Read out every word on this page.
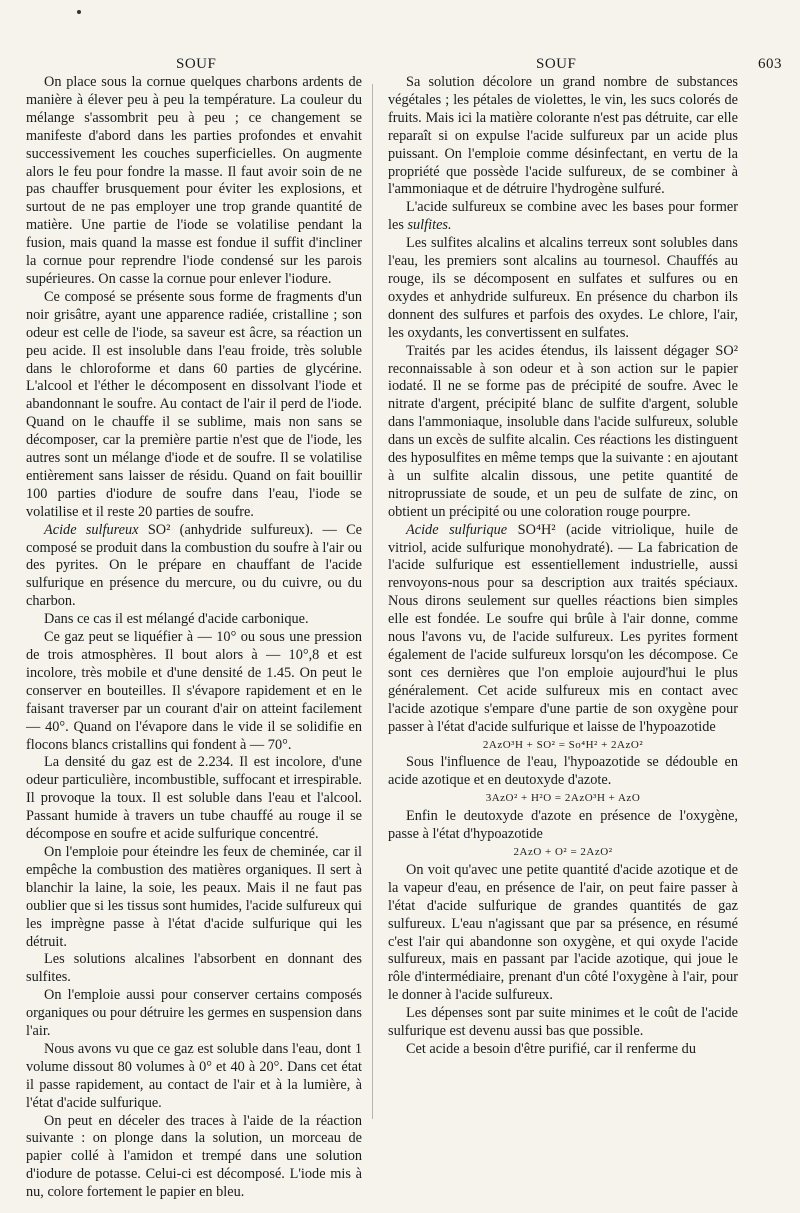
SOUF	SOUF	603

On place sous la cornue quelques charbons ardents de manière à élever peu à peu la température. La couleur du mélange s'assombrit peu à peu ; ce changement se manifeste d'abord dans les parties profondes et envahit successivement les couches superficielles. On augmente alors le feu pour fondre la masse. Il faut avoir soin de ne pas chauffer brusquement pour éviter les explosions, et surtout de ne pas employer une trop grande quantité de matière. Une partie de l'iode se volatilise pendant la fusion, mais quand la masse est fondue il suffit d'incliner la cornue pour reprendre l'iode condensé sur les parois supérieures. On casse la cornue pour enlever l'iodure.

Ce composé se présente sous forme de fragments d'un noir grisâtre, ayant une apparence radiée, cristalline ; son odeur est celle de l'iode, sa saveur est âcre, sa réaction un peu acide. Il est insoluble dans l'eau froide, très soluble dans le chloroforme et dans 60 parties de glycérine. L'alcool et l'éther le décomposent en dissolvant l'iode et abandonnant le soufre. Au contact de l'air il perd de l'iode. Quand on le chauffe il se sublime, mais non sans se décomposer, car la première partie n'est que de l'iode, les autres sont un mélange d'iode et de soufre. Il se volatilise entièrement sans laisser de résidu. Quand on fait bouillir 100 parties d'iodure de soufre dans l'eau, l'iode se volatilise et il reste 20 parties de soufre.

Acide sulfureux SO² (anhydride sulfureux). — Ce composé se produit dans la combustion du soufre à l'air ou des pyrites. On le prépare en chauffant de l'acide sulfurique en présence du mercure, ou du cuivre, ou du charbon.

Dans ce cas il est mélangé d'acide carbonique.

Ce gaz peut se liquéfier à — 10° ou sous une pression de trois atmosphères. Il bout alors à — 10°,8 et est incolore, très mobile et d'une densité de 1.45. On peut le conserver en bouteilles. Il s'évapore rapidement et en le faisant traverser par un courant d'air on atteint facilement — 40°. Quand on l'évapore dans le vide il se solidifie en flocons blancs cristallins qui fondent à — 70°.

La densité du gaz est de 2.234. Il est incolore, d'une odeur particulière, incombustible, suffocant et irrespirable. Il provoque la toux. Il est soluble dans l'eau et l'alcool. Passant humide à travers un tube chauffé au rouge il se décompose en soufre et acide sulfurique concentré.

On l'emploie pour éteindre les feux de cheminée, car il empêche la combustion des matières organiques. Il sert à blanchir la laine, la soie, les peaux. Mais il ne faut pas oublier que si les tissus sont humides, l'acide sulfureux qui les imprègne passe à l'état d'acide sulfurique qui les détruit.

Les solutions alcalines l'absorbent en donnant des sulfites.

On l'emploie aussi pour conserver certains composés organiques ou pour détruire les germes en suspension dans l'air.

Nous avons vu que ce gaz est soluble dans l'eau, dont 1 volume dissout 80 volumes à 0° et 40 à 20°. Dans cet état il passe rapidement, au contact de l'air et à la lumière, à l'état d'acide sulfurique.

On peut en déceler des traces à l'aide de la réaction suivante : on plonge dans la solution, un morceau de papier collé à l'amidon et trempé dans une solution d'iodure de potasse. Celui-ci est décomposé. L'iode mis à nu, colore fortement le papier en bleu.

Sa solution décolore un grand nombre de substances végétales ; les pétales de violettes, le vin, les sucs colorés de fruits. Mais ici la matière colorante n'est pas détruite, car elle reparaît si on expulse l'acide sulfureux par un acide plus puissant. On l'emploie comme désinfectant, en vertu de la propriété que possède l'acide sulfureux, de se combiner à l'ammoniaque et de détruire l'hydrogène sulfuré.

L'acide sulfureux se combine avec les bases pour former les sulfites.

Les sulfites alcalins et alcalins terreux sont solubles dans l'eau, les premiers sont alcalins au tournesol. Chauffés au rouge, ils se décomposent en sulfates et sulfures ou en oxydes et anhydride sulfureux. En présence du charbon ils donnent des sulfures et parfois des oxydes. Le chlore, l'air, les oxydants, les convertissent en sulfates.

Traités par les acides étendus, ils laissent dégager SO² reconnaissable à son odeur et à son action sur le papier iodaté. Il ne se forme pas de précipité de soufre. Avec le nitrate d'argent, précipité blanc de sulfite d'argent, soluble dans l'ammoniaque, insoluble dans l'acide sulfureux, soluble dans un excès de sulfite alcalin. Ces réactions les distinguent des hyposulfites en même temps que la suivante : en ajoutant à un sulfite alcalin dissous, une petite quantité de nitroprussiate de soude, et un peu de sulfate de zinc, on obtient un précipité ou une coloration rouge pourpre.

Acide sulfurique SO⁴H² (acide vitriolique, huile de vitriol, acide sulfurique monohydraté). — La fabrication de l'acide sulfurique est essentiellement industrielle, aussi renvoyons-nous pour sa description aux traités spéciaux. Nous dirons seulement sur quelles réactions bien simples elle est fondée. Le soufre qui brûle à l'air donne, comme nous l'avons vu, de l'acide sulfureux. Les pyrites forment également de l'acide sulfureux lorsqu'on les décompose. Ce sont ces dernières que l'on emploie aujourd'hui le plus généralement. Cet acide sulfureux mis en contact avec l'acide azotique s'empare d'une partie de son oxygène pour passer à l'état d'acide sulfurique et laisse de l'hypoazotide

2AzO³H + SO² = So⁴H² + 2AzO²

Sous l'influence de l'eau, l'hypoazotide se dédouble en acide azotique et en deutoxyde d'azote.

3AzO² + H²O = 2AzO³H + AzO

Enfin le deutoxyde d'azote en présence de l'oxygène, passe à l'état d'hypoazotide

2AzO + O² = 2AzO²

On voit qu'avec une petite quantité d'acide azotique et de la vapeur d'eau, en présence de l'air, on peut faire passer à l'état d'acide sulfurique de grandes quantités de gaz sulfureux. L'eau n'agissant que par sa présence, en résumé c'est l'air qui abandonne son oxygène, et qui oxyde l'acide sulfureux, mais en passant par l'acide azotique, qui joue le rôle d'intermédiaire, prenant d'un côté l'oxygène à l'air, pour le donner à l'acide sulfureux.

Les dépenses sont par suite minimes et le coût de l'acide sulfurique est devenu aussi bas que possible.

Cet acide a besoin d'être purifié, car il renferme du
